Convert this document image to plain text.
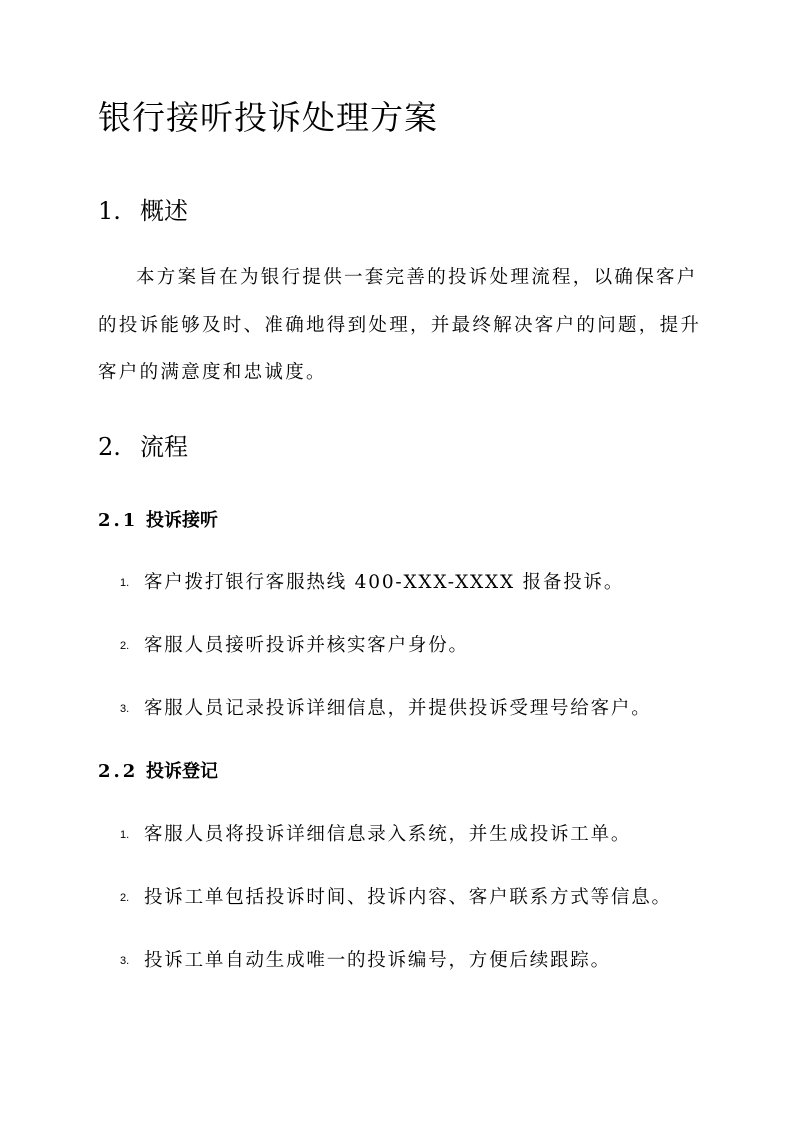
银行接听投诉处理方案
1. 概述
本方案旨在为银行提供一套完善的投诉处理流程，以确保客户
的投诉能够及时、准确地得到处理，并最终解决客户的问题，提升
客户的满意度和忠诚度。
2. 流程
2.1 投诉接听
1. 客户拨打银行客服热线 400-XXX-XXXX 报备投诉。
2. 客服人员接听投诉并核实客户身份。
3. 客服人员记录投诉详细信息，并提供投诉受理号给客户。
2.2 投诉登记
1. 客服人员将投诉详细信息录入系统，并生成投诉工单。
2. 投诉工单包括投诉时间、投诉内容、客户联系方式等信息。
3. 投诉工单自动生成唯一的投诉编号，方便后续跟踪。
